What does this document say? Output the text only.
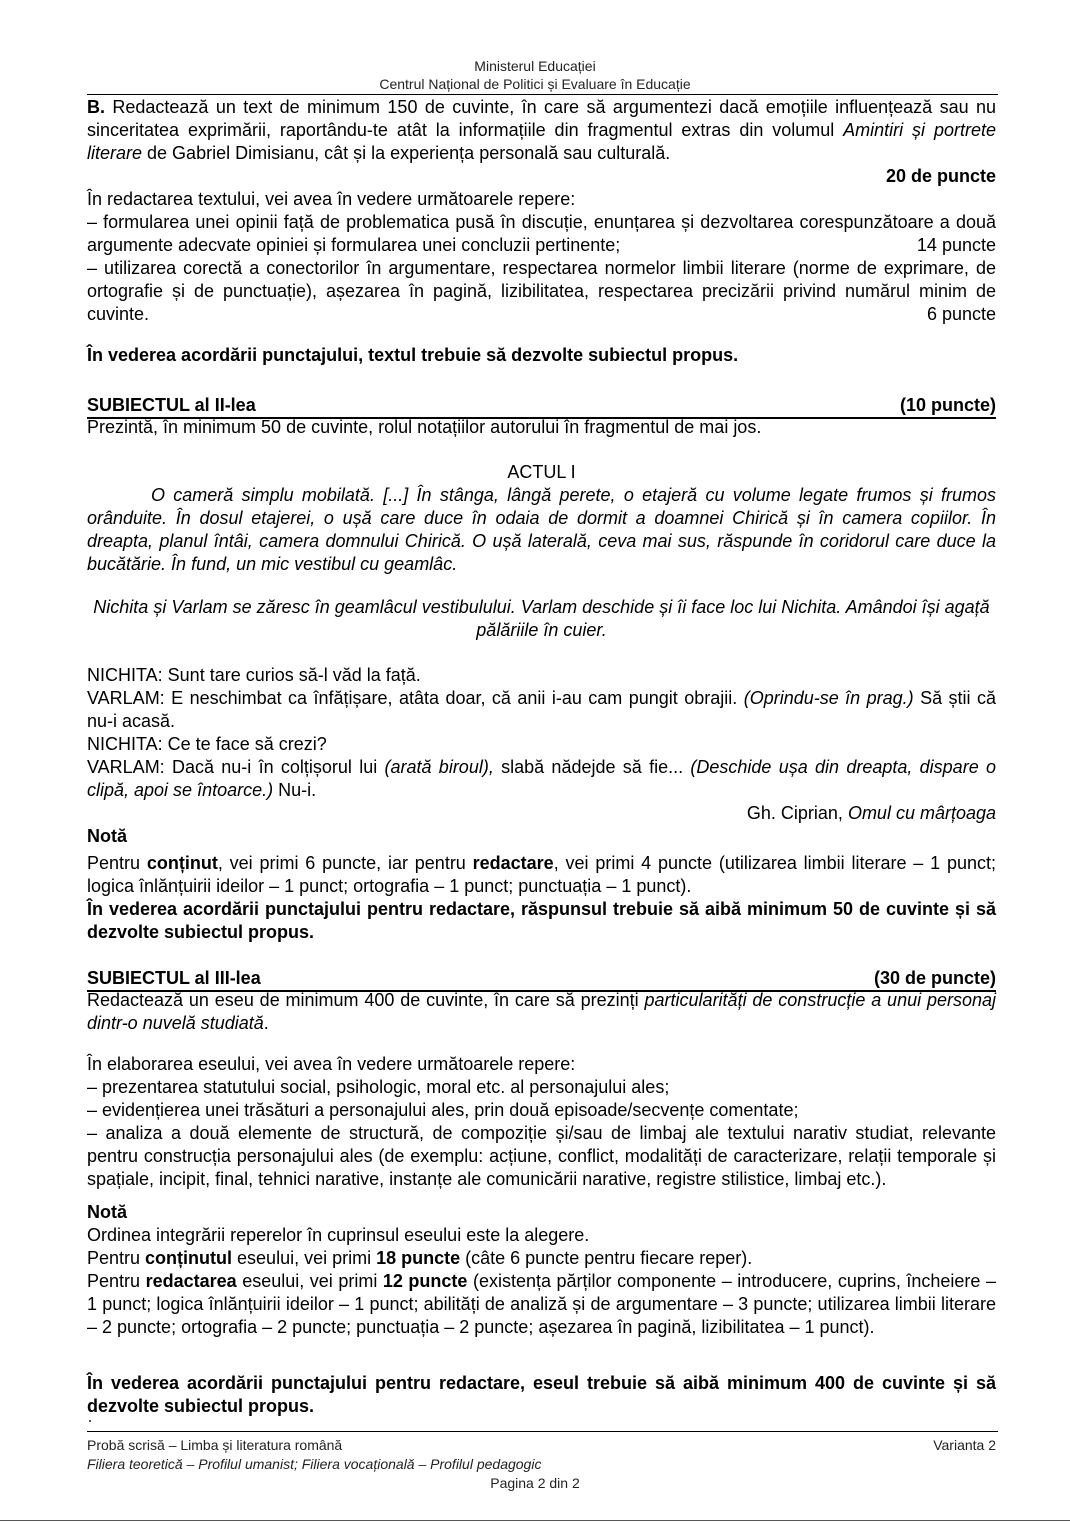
Ministerul Educației
Centrul Național de Politici și Evaluare în Educație
B. Redactează un text de minimum 150 de cuvinte, în care să argumentezi dacă emoțiile influențează sau nu sinceritatea exprimării, raportându-te atât la informațiile din fragmentul extras din volumul Amintiri și portrete literare de Gabriel Dimisianu, cât și la experiența personală sau culturală.
20 de puncte
În redactarea textului, vei avea în vedere următoarele repere:
– formularea unei opinii față de problematica pusă în discuție, enunțarea și dezvoltarea corespunzătoare a două argumente adecvate opiniei și formularea unei concluzii pertinente;	14 puncte
– utilizarea corectă a conectorilor în argumentare, respectarea normelor limbii literare (norme de exprimare, de ortografie și de punctuație), așezarea în pagină, lizibilitatea, respectarea precizării privind numărul minim de cuvinte.	6 puncte
În vederea acordării punctajului, textul trebuie să dezvolte subiectul propus.
SUBIECTUL al II-lea	(10 puncte)
Prezintă, în minimum 50 de cuvinte, rolul notațiilor autorului în fragmentul de mai jos.
ACTUL I
O cameră simplu mobilată. [...] În stânga, lângă perete, o etajeră cu volume legate frumos și frumos orânduite. În dosul etajerei, o ușă care duce în odaia de dormit a doamnei Chirică și în camera copiilor. În dreapta, planul întâi, camera domnului Chirică. O ușă laterală, ceva mai sus, răspunde în coridorul care duce la bucătărie. În fund, un mic vestibul cu geamlâc.
Nichita și Varlam se zăresc în geamlâcul vestibulului. Varlam deschide și îi face loc lui Nichita. Amândoi își agață pălăriile în cuier.
NICHITA: Sunt tare curios să-l văd la față.
VARLAM: E neschimbat ca înfățișare, atâta doar, că anii i-au cam pungit obrajii. (Oprindu-se în prag.) Să știi că nu-i acasă.
NICHITA: Ce te face să crezi?
VARLAM: Dacă nu-i în colțișorul lui (arată biroul), slabă nădejde să fie... (Deschide ușa din dreapta, dispare o clipă, apoi se întoarce.) Nu-i.
Gh. Ciprian, Omul cu mârțoaga
Notă
Pentru conținut, vei primi 6 puncte, iar pentru redactare, vei primi 4 puncte (utilizarea limbii literare – 1 punct; logica înlănțuirii ideilor – 1 punct; ortografia – 1 punct; punctuația – 1 punct).
În vederea acordării punctajului pentru redactare, răspunsul trebuie să aibă minimum 50 de cuvinte și să dezvolte subiectul propus.
SUBIECTUL al III-lea	(30 de puncte)
Redactează un eseu de minimum 400 de cuvinte, în care să prezinți particularități de construcție a unui personaj dintr-o nuvelă studiată.
În elaborarea eseului, vei avea în vedere următoarele repere:
– prezentarea statutului social, psihologic, moral etc. al personajului ales;
– evidențierea unei trăsături a personajului ales, prin două episoade/secvențe comentate;
– analiza a două elemente de structură, de compoziție și/sau de limbaj ale textului narativ studiat, relevante pentru construcția personajului ales (de exemplu: acțiune, conflict, modalități de caracterizare, relații temporale și spațiale, incipit, final, tehnici narative, instanțe ale comunicării narative, registre stilistice, limbaj etc.).
Notă
Ordinea integrării reperelor în cuprinsul eseului este la alegere.
Pentru conținutul eseului, vei primi 18 puncte (câte 6 puncte pentru fiecare reper).
Pentru redactarea eseului, vei primi 12 puncte (existența părților componente – introducere, cuprins, încheiere – 1 punct; logica înlănțuirii ideilor – 1 punct; abilități de analiză și de argumentare – 3 puncte; utilizarea limbii literare – 2 puncte; ortografia – 2 puncte; punctuația – 2 puncte; așezarea în pagină, lizibilitatea – 1 punct).
În vederea acordării punctajului pentru redactare, eseul trebuie să aibă minimum 400 de cuvinte și să dezvolte subiectul propus.
Probă scrisă – Limba și literatura română	Varianta 2
Filiera teoretică – Profilul umanist; Filiera vocațională – Profilul pedagogic
Pagina 2 din 2
